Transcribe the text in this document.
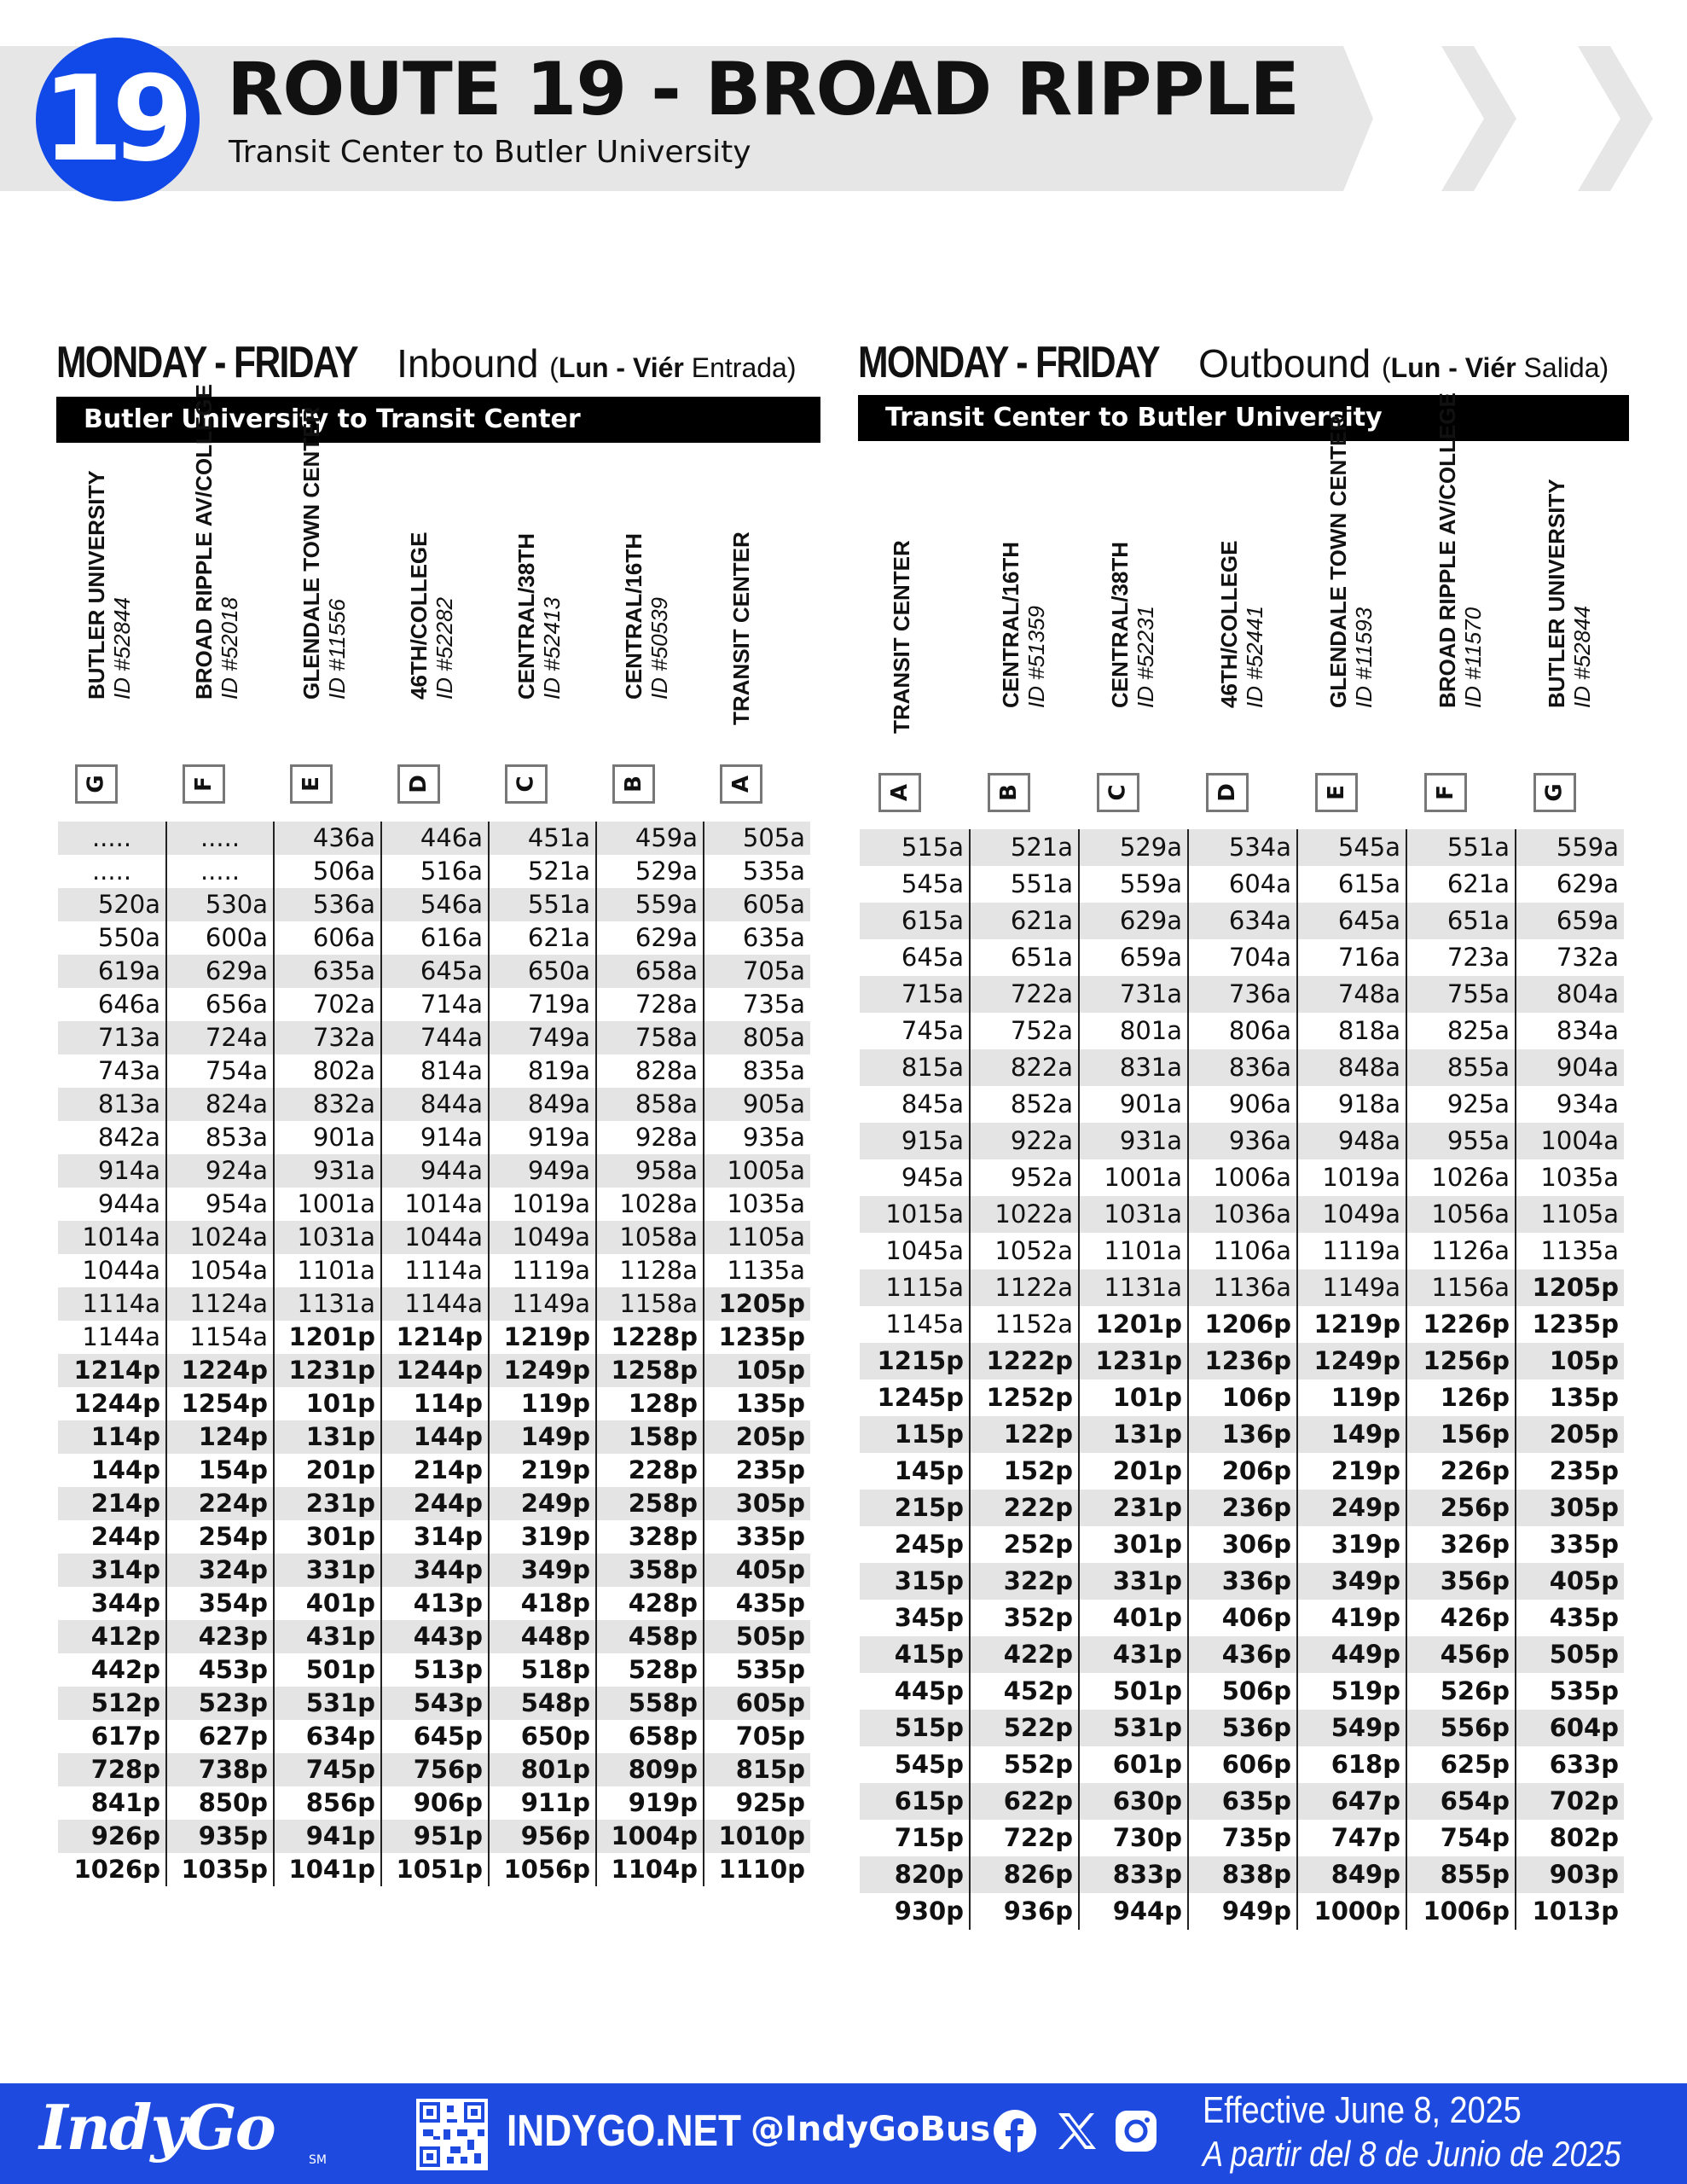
19 ROUTE 19 - BROAD RIPPLE
Transit Center to Butler University
MONDAY - FRIDAY Inbound (Lun - Viér Entrada)
Butler University to Transit Center
MONDAY - FRIDAY Outbound (Lun - Viér Salida)
Transit Center to Butler University
IndyGo	SM
INDYGO.NET @IndyGoBus	Effective June 8, 2025
A partir del 8 de Junio de 2025
BUTLER UNIVERSITY ID #52844
G
BROAD RIPPLE AV/COLLEGE ID #52018
F
GLENDALE TOWN CENTER ID #11556
E
46TH/COLLEGE ID #52282
D
CENTRAL/38TH ID #52413
C
CENTRAL/16TH ID #50539
B
TRANSIT CENTER
A
.....	.....	436a	446a	451a	459a	505a
.....	.....	506a	516a	521a	529a	535a
520a	530a	536a	546a	551a	559a	605a
550a	600a	606a	616a	621a	629a	635a
619a	629a	635a	645a	650a	658a	705a
646a	656a	702a	714a	719a	728a	735a
713a	724a	732a	744a	749a	758a	805a
743a	754a	802a	814a	819a	828a	835a
813a	824a	832a	844a	849a	858a	905a
842a	853a	901a	914a	919a	928a	935a
914a	924a	931a	944a	949a	958a	1005a
944a	954a	1001a	1014a	1019a	1028a	1035a
1014a	1024a	1031a	1044a	1049a	1058a	1105a
1044a	1054a	1101a	1114a	1119a	1128a	1135a
1114a	1124a	1131a	1144a	1149a	1158a 1205p
1144a	1154a 1201p 1214p 1219p 1228p 1235p
1214p 1224p 1231p 1244p 1249p 1258p	105p
1244p 1254p	101p	114p	119p	128p	135p
114p	124p	131p	144p	149p	158p	205p
144p	154p	201p	214p	219p	228p	235p
214p	224p	231p	244p	249p	258p	305p
244p	254p	301p	314p	319p	328p	335p
314p	324p	331p	344p	349p	358p	405p
344p	354p	401p	413p	418p	428p	435p
412p	423p	431p	443p	448p	458p	505p
442p	453p	501p	513p	518p	528p	535p
512p	523p	531p	543p	548p	558p	605p
617p	627p	634p	645p	650p	658p	705p
728p	738p	745p	756p	801p	809p	815p
841p	850p	856p	906p	911p	919p	925p
926p	935p	941p	951p	956p 1004p 1010p
1026p 1035p 1041p 1051p 1056p 1104p 1110p
TRANSIT CENTER
A
CENTRAL/16TH ID #51359
B
CENTRAL/38TH ID #52231
C
46TH/COLLEGE ID #52441
D
GLENDALE TOWN CENTER ID #11593
E
BROAD RIPPLE AV/COLLEGE ID #11570
F
BUTLER UNIVERSITY ID #52844
G
515a	521a	529a	534a	545a	551a	559a
545a	551a	559a	604a	615a	621a	629a
615a	621a	629a	634a	645a	651a	659a
645a	651a	659a	704a	716a	723a	732a
715a	722a	731a	736a	748a	755a	804a
745a	752a	801a	806a	818a	825a	834a
815a	822a	831a	836a	848a	855a	904a
845a	852a	901a	906a	918a	925a	934a
915a	922a	931a	936a	948a	955a	1004a
945a	952a	1001a	1006a	1019a	1026a	1035a
1015a	1022a	1031a	1036a	1049a	1056a	1105a
1045a	1052a	1101a	1106a	1119a	1126a	1135a
1115a	1122a	1131a	1136a	1149a	1156a 1205p
1145a	1152a 1201p 1206p 1219p 1226p 1235p
1215p 1222p 1231p 1236p 1249p 1256p	105p
1245p 1252p	101p	106p	119p	126p	135p
115p	122p	131p	136p	149p	156p	205p
145p	152p	201p	206p	219p	226p	235p
215p	222p	231p	236p	249p	256p	305p
245p	252p	301p	306p	319p	326p	335p
315p	322p	331p	336p	349p	356p	405p
345p	352p	401p	406p	419p	426p	435p
415p	422p	431p	436p	449p	456p	505p
445p	452p	501p	506p	519p	526p	535p
515p	522p	531p	536p	549p	556p	604p
545p	552p	601p	606p	618p	625p	633p
615p	622p	630p	635p	647p	654p	702p
715p	722p	730p	735p	747p	754p	802p
820p	826p	833p	838p	849p	855p	903p
930p	936p	944p	949p 1000p 1006p 1013p
